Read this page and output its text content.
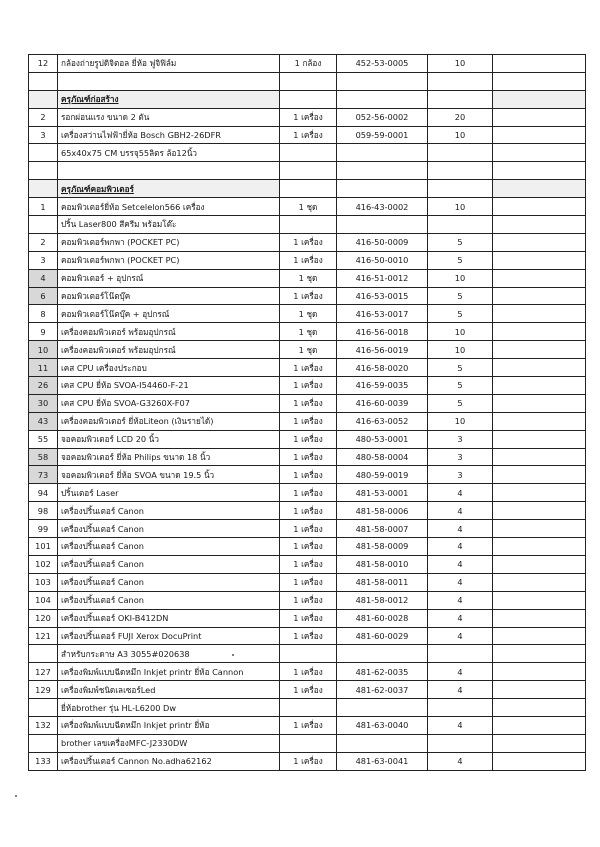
12	กล้องถ่ายรูปดิจิตอล ยี่ห้อ ฟูจิฟิล์ม	1 กล้อง	452-53-0005	10	

	ครุภัณฑ์ก่อสร้าง				
2	รอกผ่อนแรง ขนาด 2 ตัน	1 เครื่อง	052-56-0002	20	
3	เครื่องสว่านไฟฟ้ายี่ห้อ Bosch GBH2-26DFR	1 เครื่อง	059-59-0001	10	
	65x40x75 CM บรรจุ55ลิตร ล้อ12นิ้ว				

	ครุภัณฑ์คอมพิวเตอร์				
1	คอมพิวเตอร์ยี่ห้อ Setcelelon566 เครื่อง	1 ชุด	416-43-0002	10	
	ปริ้น Laser800 สีครีม พร้อมโต๊ะ				
2	คอมพิวเตอร์พกพา (POCKET PC)	1 เครื่อง	416-50-0009	5	
3	คอมพิวเตอร์พกพา (POCKET PC)	1 เครื่อง	416-50-0010	5	
4	คอมพิวเตอร์ + อุปกรณ์	1 ชุด	416-51-0012	10	
6	คอมพิวเตอร์โน๊ตบุ๊ค	1 เครื่อง	416-53-0015	5	
8	คอมพิวเตอร์โน๊ตบุ๊ค + อุปกรณ์	1 ชุด	416-53-0017	5	
9	เครื่องคอมพิวเตอร์ พร้อมอุปกรณ์	1 ชุด	416-56-0018	10	
10	เครื่องคอมพิวเตอร์ พร้อมอุปกรณ์	1 ชุด	416-56-0019	10	
11	เคส CPU เครื่องประกอบ	1 เครื่อง	416-58-0020	5	
26	เคส CPU ยี่ห้อ SVOA-I54460-F-21	1 เครื่อง	416-59-0035	5	
30	เคส CPU ยี่ห้อ SVOA-G3260X-F07	1 เครื่อง	416-60-0039	5	
43	เครื่องคอมพิวเตอร์ ยี่ห้อLiteon (เงินรายได้)	1 เครื่อง	416-63-0052	10	
55	จอคอมพิวเตอร์ LCD 20 นิ้ว	1 เครื่อง	480-53-0001	3	
58	จอคอมพิวเตอร์ ยี่ห้อ Philips ขนาด 18 นิ้ว	1 เครื่อง	480-58-0004	3	
73	จอคอมพิวเตอร์ ยี่ห้อ SVOA ขนาด 19.5 นิ้ว	1 เครื่อง	480-59-0019	3	
94	ปริ้นเตอร์ Laser	1 เครื่อง	481-53-0001	4	
98	เครื่องปริ้นเตอร์ Canon	1 เครื่อง	481-58-0006	4	
99	เครื่องปริ้นเตอร์ Canon	1 เครื่อง	481-58-0007	4	
101	เครื่องปริ้นเตอร์ Canon	1 เครื่อง	481-58-0009	4	
102	เครื่องปริ้นเตอร์ Canon	1 เครื่อง	481-58-0010	4	
103	เครื่องปริ้นเตอร์ Canon	1 เครื่อง	481-58-0011	4	
104	เครื่องปริ้นเตอร์ Canon	1 เครื่อง	481-58-0012	4	
120	เครื่องปริ้นเตอร์ OKI-B412DN	1 เครื่อง	481-60-0028	4	
121	เครื่องปริ้นเตอร์ FUJI Xerox DocuPrint	1 เครื่อง	481-60-0029	4	
	สำหรับกระดาษ A3 3055#020638				
127	เครื่องพิมพ์แบบฉีดหมึก Inkjet printr ยี่ห้อ Cannon	1 เครื่อง	481-62-0035	4	
129	เครื่องพิมพ์ชนิดเลเซอร์Led	1 เครื่อง	481-62-0037	4	
	ยี่ห้อbrother รุ่น HL-L6200 Dw				
132	เครื่องพิมพ์แบบฉีดหมึก Inkjet printr ยี่ห้อ	1 เครื่อง	481-63-0040	4	
	brother เลขเครื่องMFC-J2330DW				
133	เครื่องปริ้นเตอร์ Cannon No.adha62162	1 เครื่อง	481-63-0041	4	
